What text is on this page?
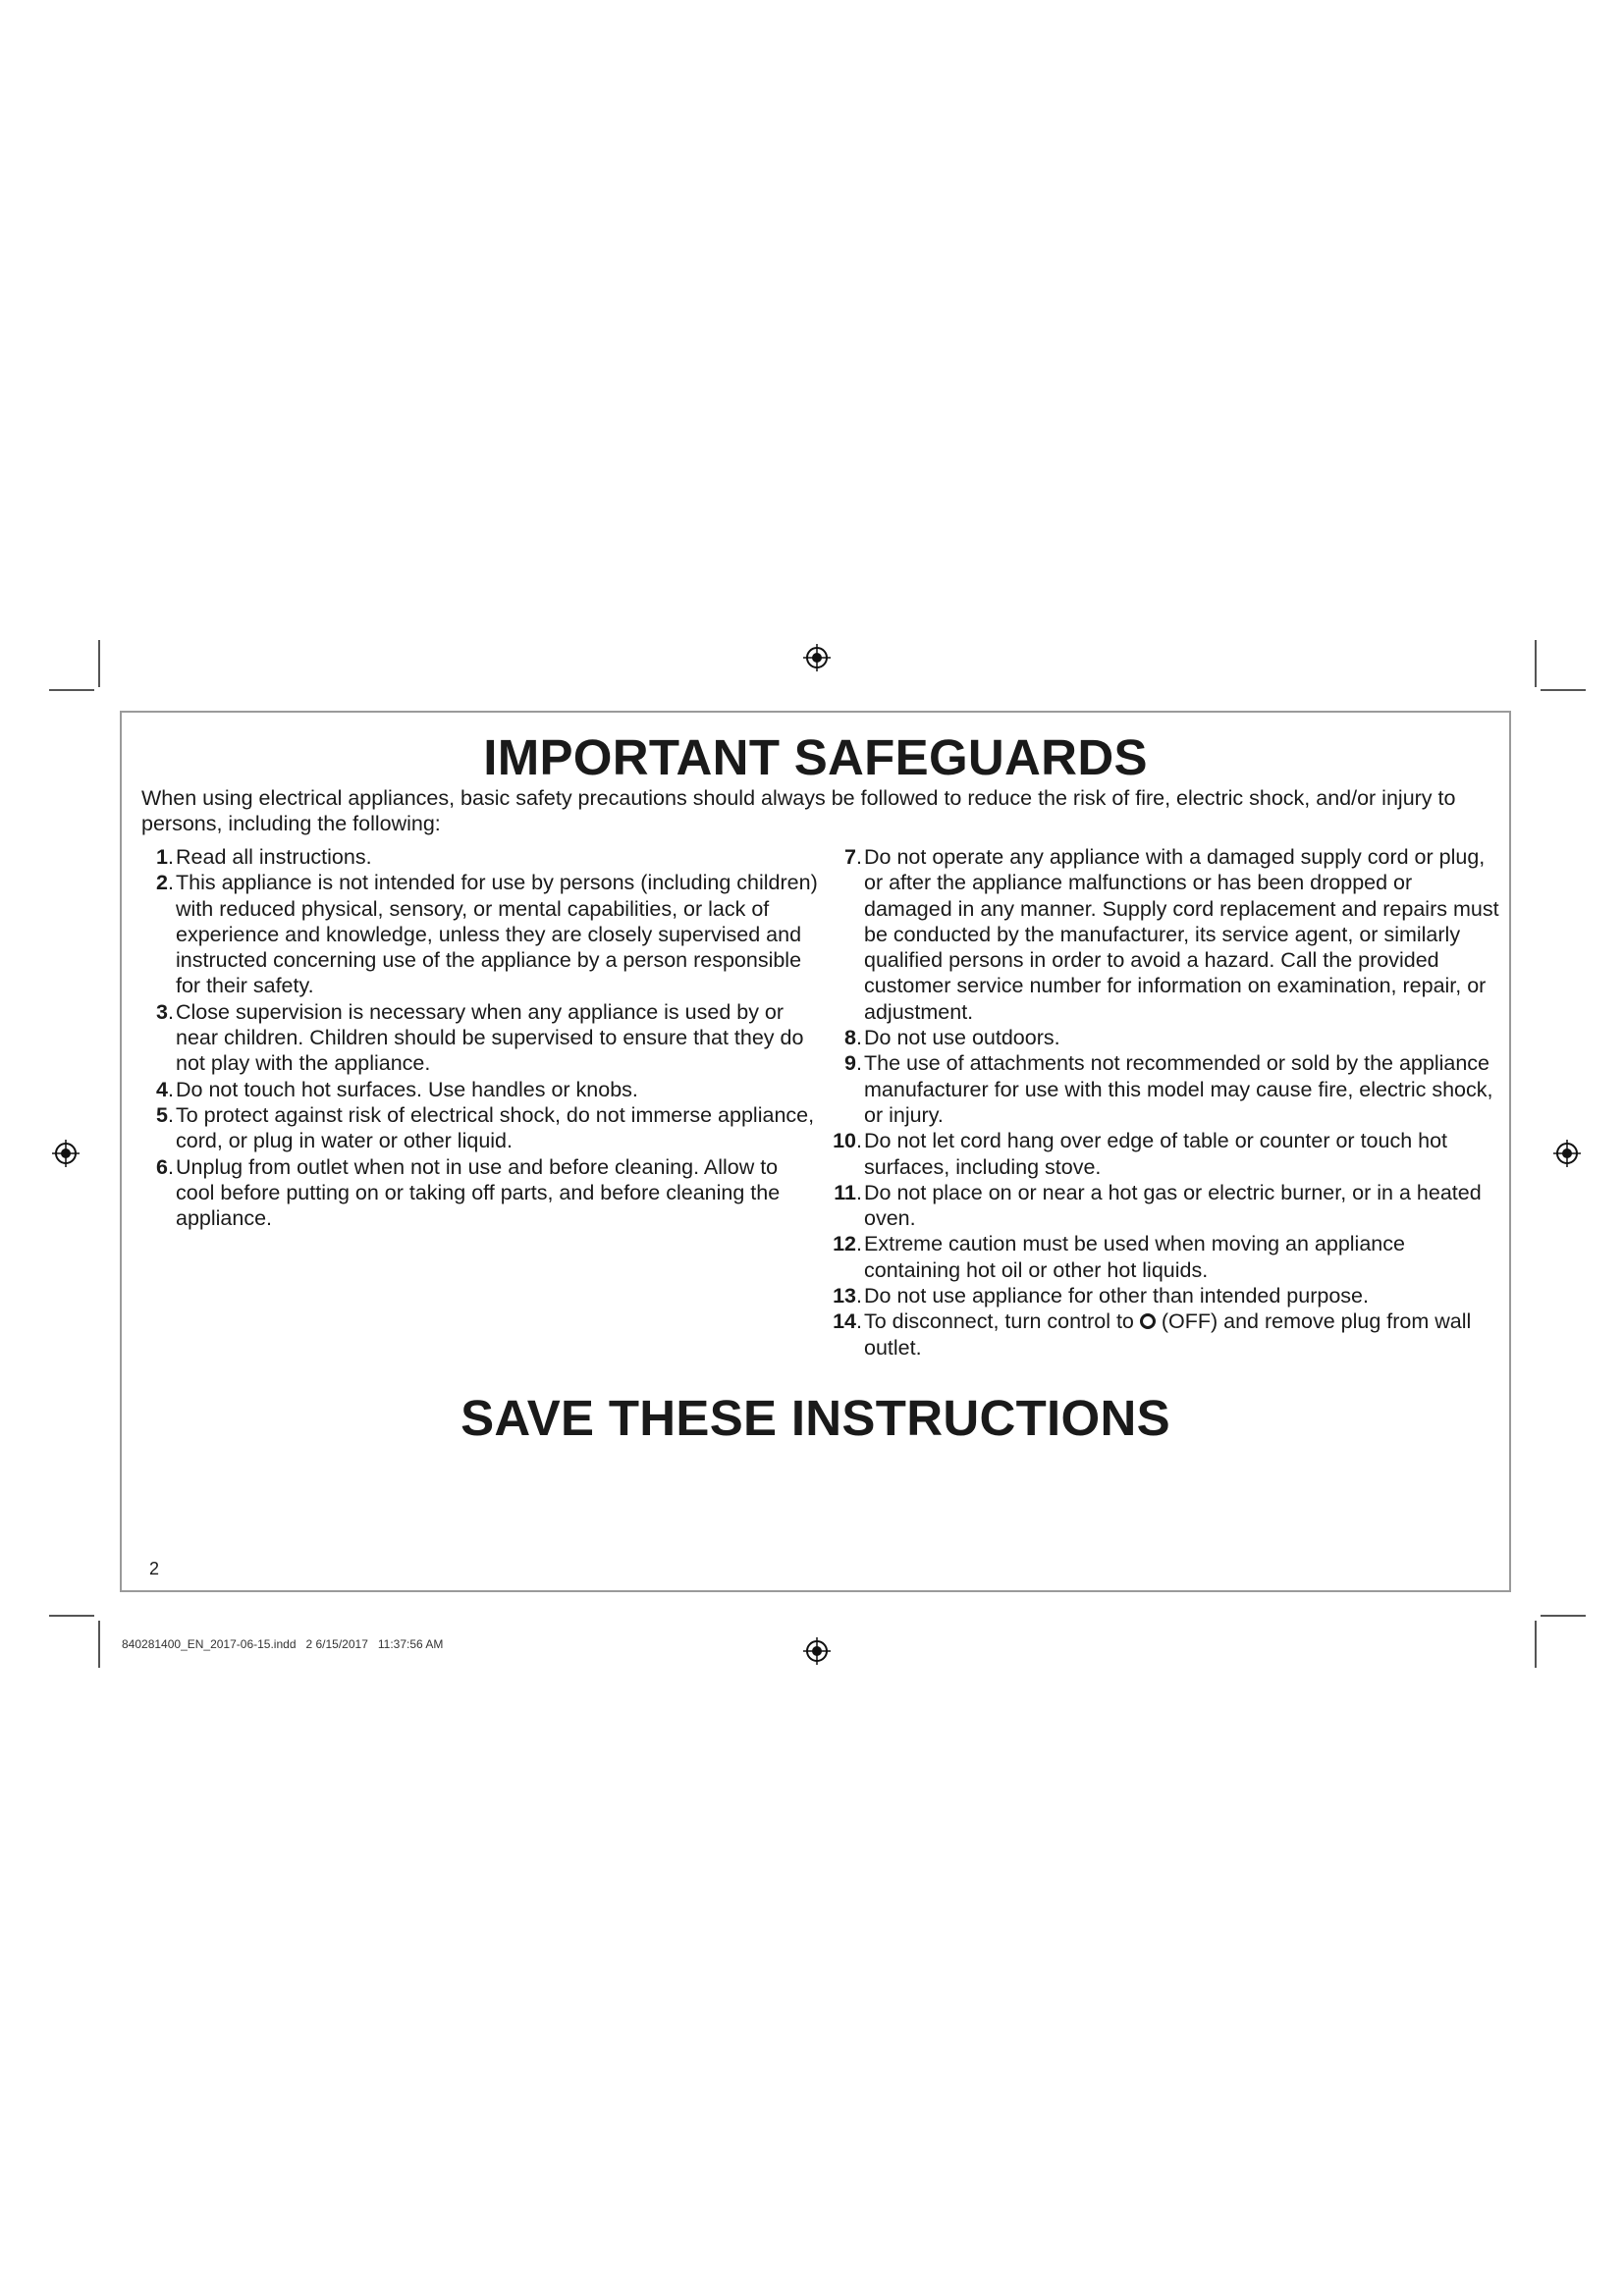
IMPORTANT SAFEGUARDS

When using electrical appliances, basic safety precautions should always be followed to reduce the risk of fire, electric shock, and/or injury to persons, including the following:

1 . Read all instructions.
2 . This appliance is not intended for use by persons (including children) with reduced physical, sensory, or mental capabilities, or lack of experience and knowledge, unless they are closely supervised and instructed concerning use of the appliance by a person responsible for their safety.
3 . Close supervision is necessary when any appliance is used by or near children. Children should be supervised to ensure that they do not play with the appliance.
4 . Do not touch hot surfaces. Use handles or knobs.
5 . To protect against risk of electrical shock, do not immerse appliance, cord, or plug in water or other liquid.
6 . Unplug from outlet when not in use and before cleaning. Allow to cool before putting on or taking off parts, and before cleaning the appliance.
7 . Do not operate any appliance with a damaged supply cord or plug, or after the appliance malfunctions or has been dropped or damaged in any manner. Supply cord replacement and repairs must be conducted by the manufacturer, its service agent, or similarly qualified persons in order to avoid a hazard. Call the provided customer service number for information on examination, repair, or adjustment.
8 . Do not use outdoors.
9 . The use of attachments not recommended or sold by the appliance manufacturer for use with this model may cause fire, electric shock, or injury.
10 . Do not let cord hang over edge of table or counter or touch hot surfaces, including stove.
11 . Do not place on or near a hot gas or electric burner, or in a heated oven.
12 . Extreme caution must be used when moving an appliance containing hot oil or other hot liquids.
13 . Do not use appliance for other than intended purpose.
14 . To disconnect, turn control to  (OFF) and remove plug from wall outlet.
SAVE THESE INSTRUCTIONS

2

840281400_EN_2017-06-15.indd   2 6/15/2017   11:37:56 AM
